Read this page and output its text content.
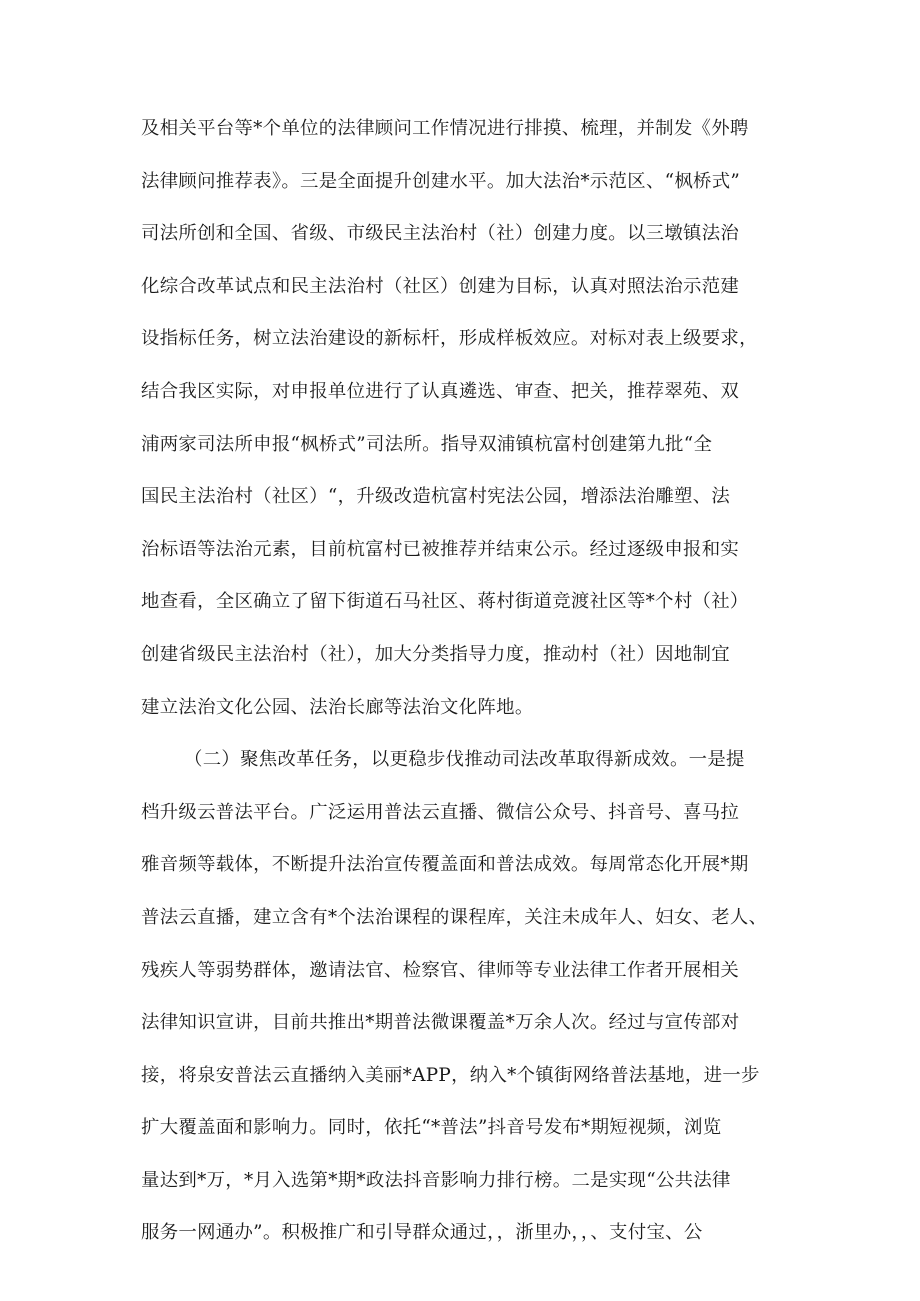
及相关平台等*个单位的法律顾问工作情况进行排摸、梳理，并制发《外聘
法律顾问推荐表》。三是全面提升创建水平。加大法治*示范区、“枫桥式”
司法所创和全国、省级、市级民主法治村（社）创建力度。以三墩镇法治
化综合改革试点和民主法治村（社区）创建为目标，认真对照法治示范建
设指标任务，树立法治建设的新标杆，形成样板效应。对标对表上级要求，
结合我区实际，对申报单位进行了认真遴选、审查、把关，推荐翠苑、双
浦两家司法所申报“枫桥式”司法所。指导双浦镇杭富村创建第九批“全
国民主法治村（社区）“，升级改造杭富村宪法公园，增添法治雕塑、法
治标语等法治元素，目前杭富村已被推荐并结束公示。经过逐级申报和实
地查看，全区确立了留下街道石马社区、蒋村街道竞渡社区等*个村（社）
创建省级民主法治村（社），加大分类指导力度，推动村（社）因地制宜
建立法治文化公园、法治长廊等法治文化阵地。
（二）聚焦改革任务，以更稳步伐推动司法改革取得新成效。一是提
档升级云普法平台。广泛运用普法云直播、微信公众号、抖音号、喜马拉
雅音频等载体，不断提升法治宣传覆盖面和普法成效。每周常态化开展*期
普法云直播，建立含有*个法治课程的课程库，关注未成年人、妇女、老人、
残疾人等弱势群体，邀请法官、检察官、律师等专业法律工作者开展相关
法律知识宣讲，目前共推出*期普法微课覆盖*万余人次。经过与宣传部对
接，将泉安普法云直播纳入美丽*APP，纳入*个镇街网络普法基地，进一步
扩大覆盖面和影响力。同时，依托“*普法”抖音号发布*期短视频，浏览
量达到*万，*月入选第*期*政法抖音影响力排行榜。二是实现“公共法律
服务一网通办”。积极推广和引导群众通过，，浙里办，，、支付宝、公
